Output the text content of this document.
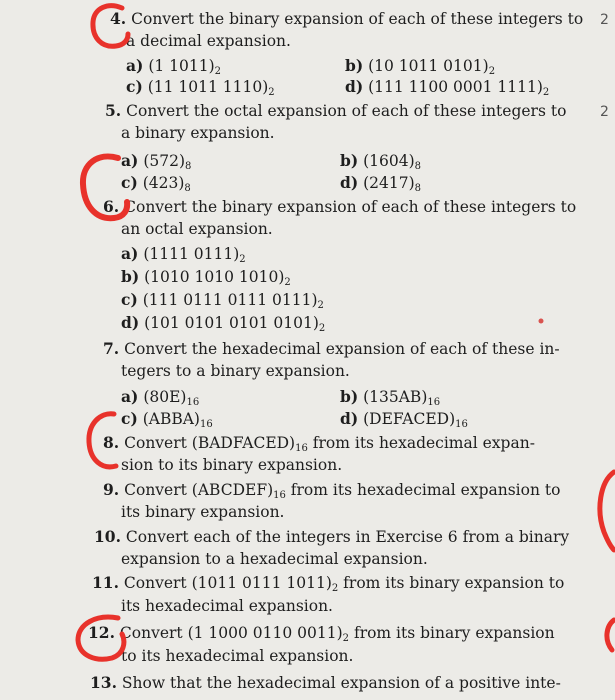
4. Convert the binary expansion of each of these integers to
a decimal expansion.
a) (1 $1011)_2$	b) (10 1011 $0101)_2$
c) (11 1011 $1110)_2$	d) (111 1100 0001 $1111)_2$
5. Convert the octal expansion of each of these integers to
a binary expansion.
a) $(572)_8$	b) $(1604)_8$
c) $(423)_8$	d) $(2417)_8$
6. Convert the binary expansion of each of these integers to
an octal expansion.
a) (1111 $0111)_2$
b) (1010 1010 $1010)_2$
c) (111 0111 0111 $0111)_2$
d) (101 0101 0101 $0101)_2$
7. Convert the hexadecimal expansion of each of these in-
tegers to a binary expansion.
a) $(80E)_{16}$	b) $(135AB)_{16}$
c) $(ABBA)_{16}$	d) $(DEFACED)_{16}$
8. Convert $(BADFACED)_{16}$ from its hexadecimal expan-
sion to its binary expansion.
9. Convert $(ABCDEF)_{16}$ from its hexadecimal expansion to
its binary expansion.
10. Convert each of the integers in Exercise 6 from a binary
expansion to a hexadecimal expansion.
11. Convert (1011 0111 $1011)_2$ from its binary expansion to
its hexadecimal expansion.
12. Convert (1 1000 0110 $0011)_2$ from its binary expansion
to its hexadecimal expansion.
13. Show that the hexadecimal expansion of a positive inte-
2
2
